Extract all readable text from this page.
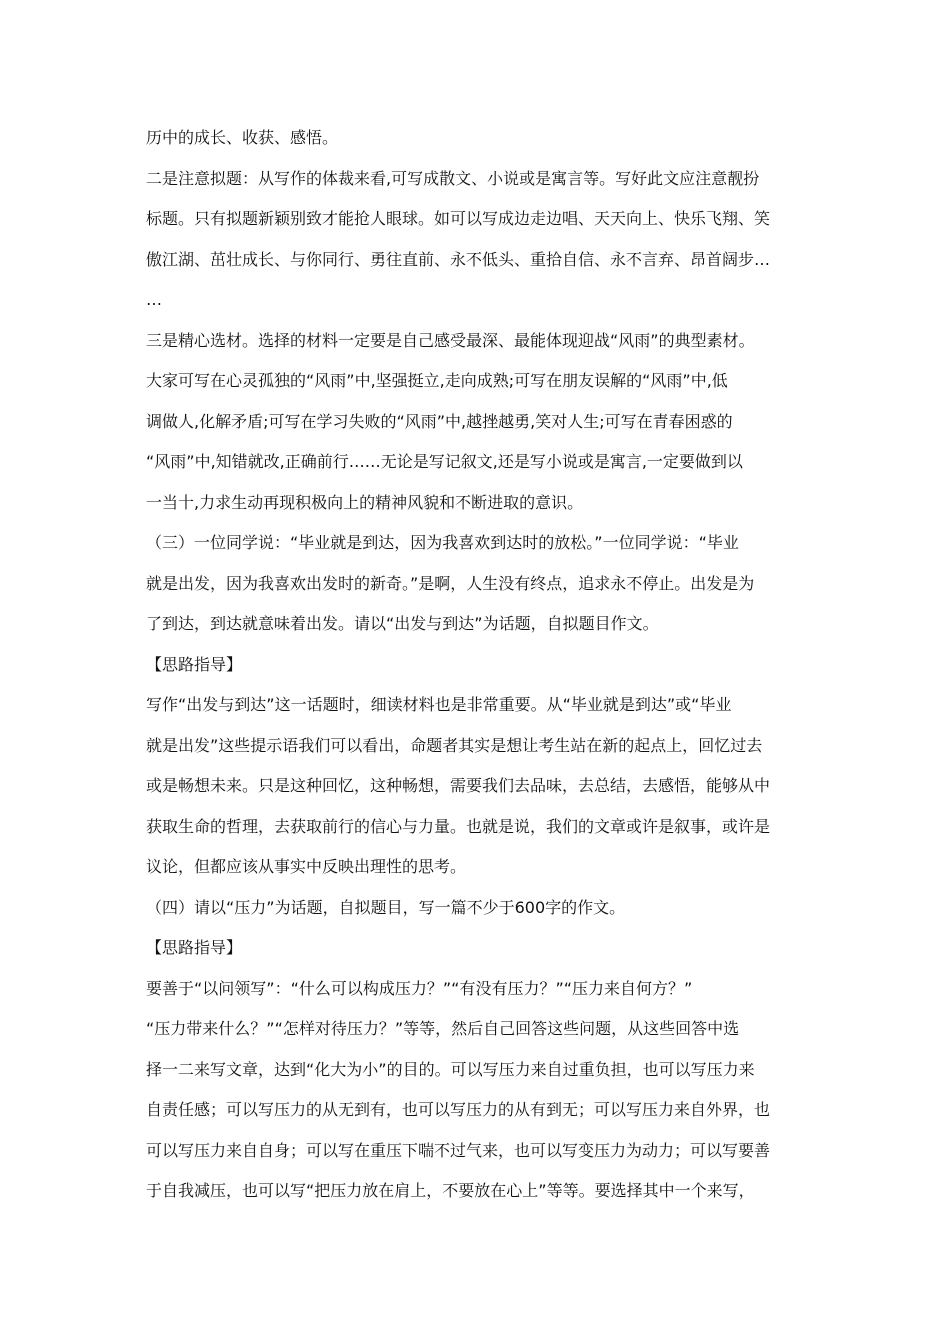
历中的成长、收获、感悟。
二是注意拟题：从写作的体裁来看,可写成散文、小说或是寓言等。写好此文应注意靓扮
标题。只有拟题新颖别致才能抢人眼球。如可以写成边走边唱、天天向上、快乐飞翔、笑
傲江湖、茁壮成长、与你同行、勇往直前、永不低头、重拾自信、永不言弃、昂首阔步…
…
三是精心选材。选择的材料一定要是自己感受最深、最能体现迎战“风雨”的典型素材。
大家可写在心灵孤独的“风雨”中,坚强挺立,走向成熟;可写在朋友误解的“风雨”中,低
调做人,化解矛盾;可写在学习失败的“风雨”中,越挫越勇,笑对人生;可写在青春困惑的
“风雨”中,知错就改,正确前行……无论是写记叙文,还是写小说或是寓言,一定要做到以
一当十,力求生动再现积极向上的精神风貌和不断进取的意识。
（三）一位同学说：“毕业就是到达，因为我喜欢到达时的放松。”一位同学说：“毕业
就是出发，因为我喜欢出发时的新奇。”是啊，人生没有终点，追求永不停止。出发是为
了到达，到达就意味着出发。请以“出发与到达”为话题，自拟题目作文。
【思路指导】
写作“出发与到达”这一话题时，细读材料也是非常重要。从“毕业就是到达”或“毕业
就是出发”这些提示语我们可以看出，命题者其实是想让考生站在新的起点上，回忆过去
或是畅想未来。只是这种回忆，这种畅想，需要我们去品味，去总结，去感悟，能够从中
获取生命的哲理，去获取前行的信心与力量。也就是说，我们的文章或许是叙事，或许是
议论，但都应该从事实中反映出理性的思考。
（四）请以“压力”为话题，自拟题目，写一篇不少于600字的作文。
【思路指导】
要善于“以问领写”：“什么可以构成压力？”“有没有压力？”“压力来自何方？”
“压力带来什么？”“怎样对待压力？”等等，然后自己回答这些问题，从这些回答中选
择一二来写文章，达到“化大为小”的目的。可以写压力来自过重负担，也可以写压力来
自责任感；可以写压力的从无到有，也可以写压力的从有到无；可以写压力来自外界，也
可以写压力来自自身；可以写在重压下喘不过气来，也可以写变压力为动力；可以写要善
于自我减压，也可以写“把压力放在肩上，不要放在心上”等等。要选择其中一个来写，
